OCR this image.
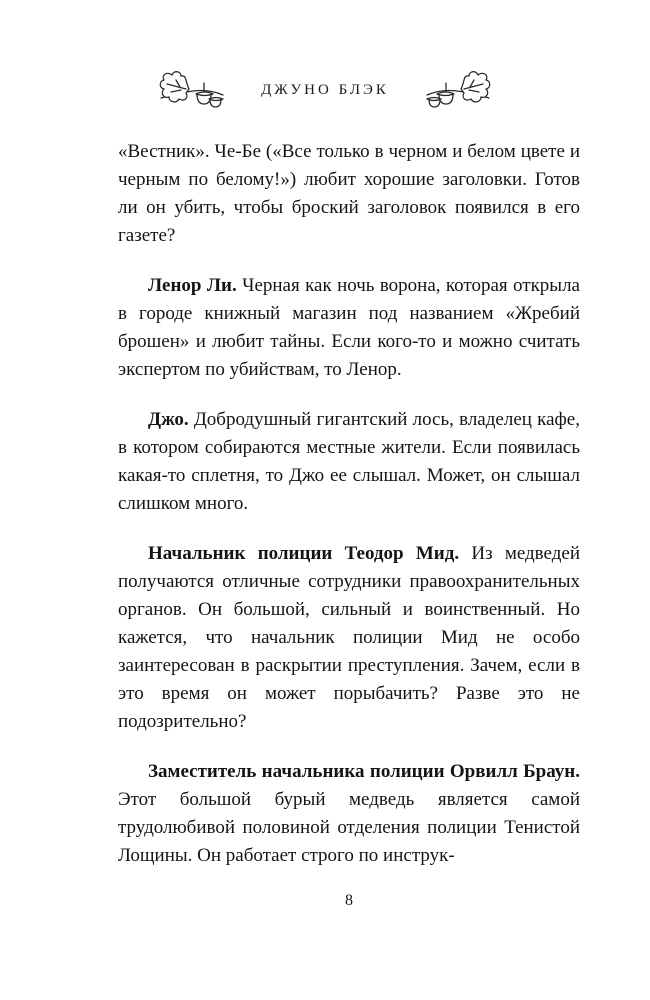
ДЖУНО БЛЭК

«Вестник». Че-Бе («Все только в черном и белом цвете и черным по белому!») любит хорошие заголовки. Готов ли он убить, чтобы броский заголовок появился в его газете?

Ленор Ли. Черная как ночь ворона, которая открыла в городе книжный магазин под названием «Жребий брошен» и любит тайны. Если кого-то и можно считать экспертом по убийствам, то Ленор.

Джо. Добродушный гигантский лось, владелец кафе, в котором собираются местные жители. Если появилась какая-то сплетня, то Джо ее слышал. Может, он слышал слишком много.

Начальник полиции Теодор Мид. Из медведей получаются отличные сотрудники правоохранительных органов. Он большой, сильный и воинственный. Но кажется, что начальник полиции Мид не особо заинтересован в раскрытии преступления. Зачем, если в это время он может порыбачить? Разве это не подозрительно?

Заместитель начальника полиции Орвилл Браун. Этот большой бурый медведь является самой трудолюбивой половиной отделения полиции Тенистой Лощины. Он работает строго по инструк-

8
